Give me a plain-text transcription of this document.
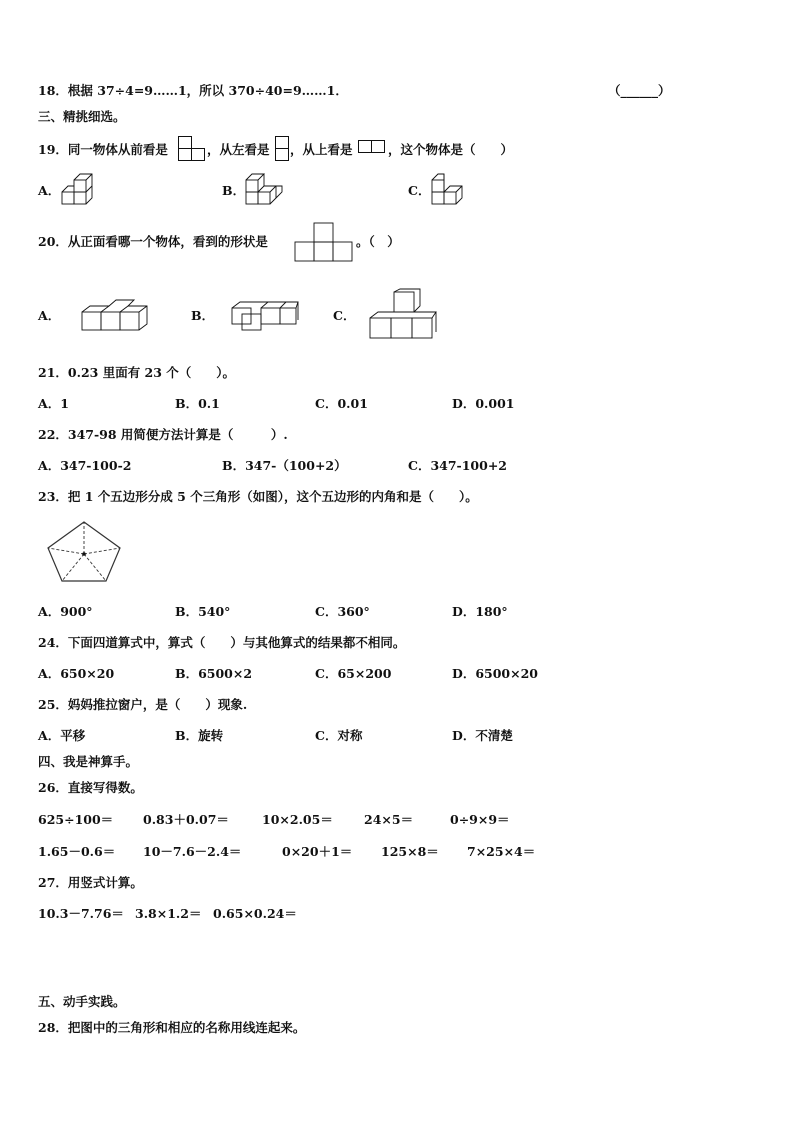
18．根据 37÷4=9……1，所以 370÷40=9……1．	（______）
三、精挑细选。
19．同一物体从前看是	，从左看是 ，从上看是	，这个物体是（　　）
A．	B．	C．
20．从正面看哪一个物体，看到的形状是	。（　）
A．	B．	C．
21．0.23 里面有 23 个（　　）。
A．1	B．0.1	C．0.01	D．0.001
22．347-98 用简便方法计算是（　　　）.
A．347-100-2	B．347-（100+2）	C．347-100+2
23．把 1 个五边形分成 5 个三角形（如图），这个五边形的内角和是（　　）。
A．900°	B．540°	C．360°	D．180°
24．下面四道算式中，算式（　　）与其他算式的结果都不相同。
A．650×20	B．6500×2	C．65×200	D．6500×20
25．妈妈推拉窗户，是（　　）现象.
A．平移	B．旋转	C．对称	D．不清楚
四、我是神算手。
26．直接写得数。
625÷100＝ 0.83＋0.07＝	10×2.05＝ 24×5＝	0÷9×9＝
1.65－0.6＝ 10－7.6－2.4＝	0×20＋1＝ 125×8＝ 7×25×4＝
27．用竖式计算。
10.3－7.76＝ 3.8×1.2＝ 0.65×0.24＝
五、动手实践。
28．把图中的三角形和相应的名称用线连起来。
